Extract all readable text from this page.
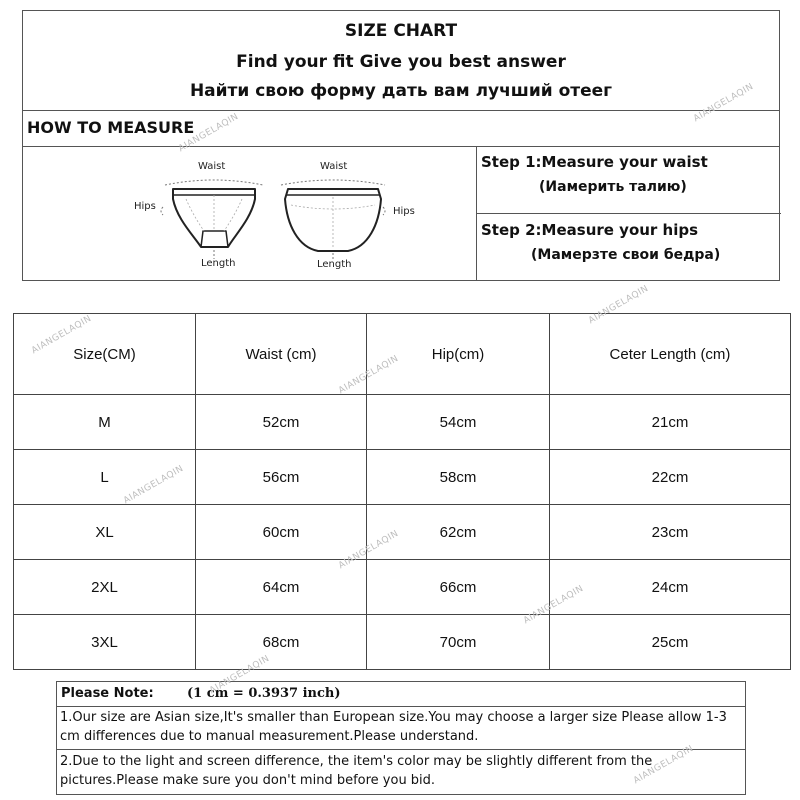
SIZE CHART
Find your fit Give you best answer
Найти свою форму дать вам лучший отеег
HOW TO MEASURE
Waist
Hips
Length
Waist
Hips
Length
Step 1:Measure your waist
(Иамерить талию)
Step 2:Measure your hips
(Мамерзте свои бедра)
Size(CM)	Waist (cm)	Hip(cm)	Ceter Length (cm)
M	52cm	54cm	21cm
L	56cm	58cm	22cm
XL	60cm	62cm	23cm
2XL	64cm	66cm	24cm
3XL	68cm	70cm	25cm
Please Note:	(1 cm = 0.3937 inch)
1.Our size are Asian size,It's smaller than European size.You may choose a larger size Please allow 1-3 cm differences due to manual measurement.Please understand.
2.Due to the light and screen difference, the item's color may be slightly different from the pictures.Please make sure you don't mind before you bid.
AIANGELAQIN
AIANGELAQIN
AIANGELAQIN
AIANGELAQIN
AIANGELAQIN
AIANGELAQIN
AIANGELAQIN
AIANGELAQIN
AIANGELAQIN
AIANGELAQIN
